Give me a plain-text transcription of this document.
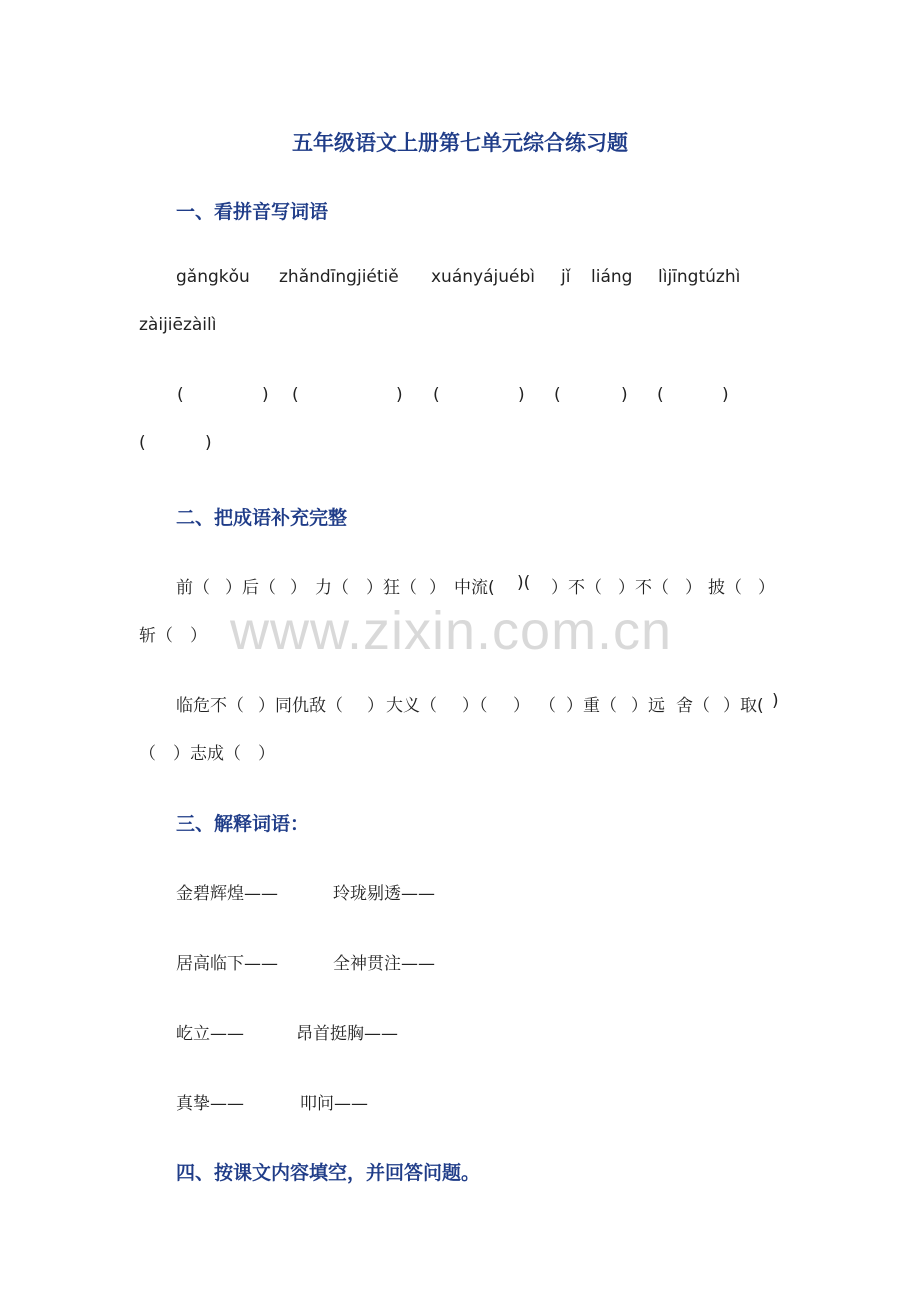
五年级语文上册第七单元综合练习题
一、看拼音写词语
gǎngkǒu zhǎndīngjiétiě xuányájuébì jǐ liáng lìjīngtúzhì
zàijiēzàilì
(	) (	) (	) (	) (	)
(	)
二、把成语补充完整
前（ ）后（ ） 力（ ）狂（ ） 中流( )( ）不（ ）不（ ） 披（ ）
斩（　）
临危不（ ）同仇敌（ ） 大义（ ）（ ） （ ）重（ ）远 舍（ ）取( )
（　）志成（　）
三、解释词语：
金碧辉煌——	玲珑剔透——
居高临下——	全神贯注——
屹立——	昂首挺胸——
真挚——	叩问——
四、按课文内容填空，并回答问题。
www.zixin.com.cn
